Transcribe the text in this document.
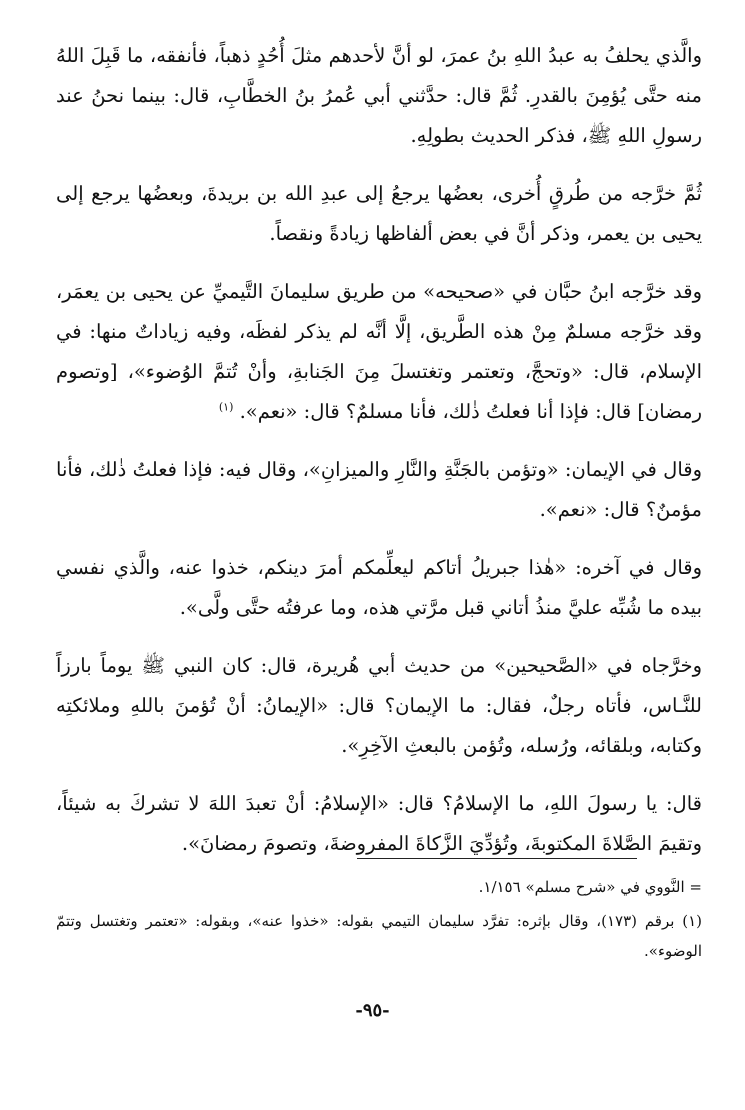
والَّذي يحلفُ به عبدُ اللهِ بنُ عمرَ، لو أنَّ لأحدهم مثلَ أُحُدٍ ذهباً، فأنفقه، ما قَبِلَ اللهُ منه حتَّى يُؤمِنَ بالقدرِ. ثُمَّ قال: حدَّثني أبي عُمرُ بنُ الخطَّابِ، قال: بينما نحنُ عند رسولِ اللهِ ﷺ، فذكر الحديث بطولِهِ.

ثُمَّ خرَّجه من طُرقٍ أُخرى، بعضُها يرجعُ إلى عبدِ الله بن بريدةَ، وبعضُها يرجع إلى يحيى بن يعمر، وذكر أنَّ في بعض ألفاظها زيادةً ونقصاً.

وقد خرَّجه ابنُ حبَّان في «صحيحه» من طريق سليمانَ التَّيميِّ عن يحيى بن يعمَر، وقد خرَّجه مسلمٌ مِنْ هذه الطَّريق، إلَّا أنَّه لم يذكر لفظَه، وفيه زياداتٌ منها: في الإسلام، قال: «وتحجَّ، وتعتمر وتغتسلَ مِنَ الجَنابةِ، وأنْ تُتمَّ الوُضوء»، [وتصوم رمضان] قال: فإذا أنا فعلتُ ذٰلك، فأنا مسلمٌ؟ قال: «نعم». $^{(١)}$

وقال في الإيمان: «وتؤمن بالجَنَّةِ والنَّارِ والميزانِ»، وقال فيه: فإذا فعلتُ ذٰلك، فأنا مؤمنٌ؟ قال: «نعم».

وقال في آخره: «هٰذا جبريلُ أتاكم ليعلِّمكم أمرَ دينكم، خذوا عنه، والَّذي نفسي بيده ما شُبِّه عليَّ منذُ أتاني قبل مرَّتي هذه، وما عرفتُه حتَّى ولَّى».

وخرَّجاه في «الصَّحيحين» من حديث أبي هُريرة، قال: كان النبي ﷺ يوماً بارزاً للنَّـاس، فأتاه رجلٌ، فقال: ما الإيمان؟ قال: «الإيمانُ: أنْ تُؤمنَ باللهِ وملائكتِه وكتابه، وبلقائه، ورُسله، وتُؤمن بالبعثِ الآخِرِ».

قال: يا رسولَ اللهِ، ما الإسلامُ؟ قال: «الإسلامُ: أنْ تعبدَ اللهَ لا تشركَ به شيئاً، وتقيمَ الصَّلاةَ المكتوبةَ، وتُؤدِّيَ الزَّكاةَ المفروضةَ، وتصومَ رمضانَ».

= النَّووي في «شرح مسلم» ١/١٥٦.

(١) برقم (١٧٣)، وقال بإثره: تفرَّد سليمان التيمي بقوله: «خذوا عنه»، وبقوله: «تعتمر وتغتسل وتتمّ الوضوء».

-٩٥-
